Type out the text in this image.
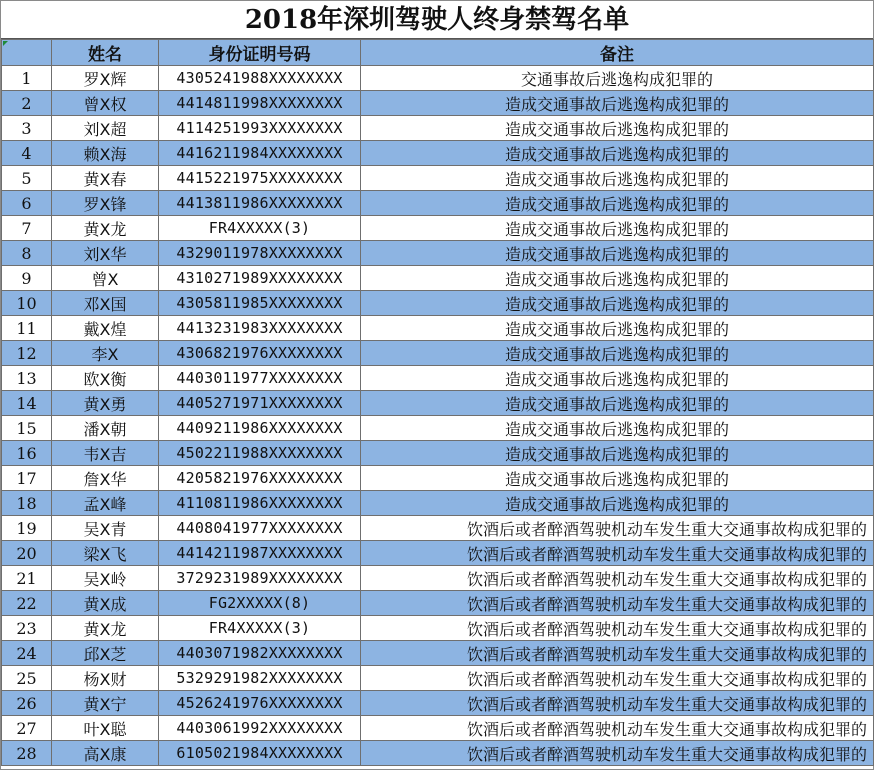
2018年深圳驾驶人终身禁驾名单
	姓名	身份证明号码	备注
1	罗X辉	4305241988XXXXXXXX	交通事故后逃逸构成犯罪的
2	曾X权	4414811998XXXXXXXX	造成交通事故后逃逸构成犯罪的
3	刘X超	4114251993XXXXXXXX	造成交通事故后逃逸构成犯罪的
4	赖X海	4416211984XXXXXXXX	造成交通事故后逃逸构成犯罪的
5	黄X春	4415221975XXXXXXXX	造成交通事故后逃逸构成犯罪的
6	罗X锋	4413811986XXXXXXXX	造成交通事故后逃逸构成犯罪的
7	黄X龙	FR4XXXXX(3)	造成交通事故后逃逸构成犯罪的
8	刘X华	4329011978XXXXXXXX	造成交通事故后逃逸构成犯罪的
9	曾X	4310271989XXXXXXXX	造成交通事故后逃逸构成犯罪的
10	邓X国	4305811985XXXXXXXX	造成交通事故后逃逸构成犯罪的
11	戴X煌	4413231983XXXXXXXX	造成交通事故后逃逸构成犯罪的
12	李X	4306821976XXXXXXXX	造成交通事故后逃逸构成犯罪的
13	欧X衡	4403011977XXXXXXXX	造成交通事故后逃逸构成犯罪的
14	黄X勇	4405271971XXXXXXXX	造成交通事故后逃逸构成犯罪的
15	潘X朝	4409211986XXXXXXXX	造成交通事故后逃逸构成犯罪的
16	韦X吉	4502211988XXXXXXXX	造成交通事故后逃逸构成犯罪的
17	詹X华	4205821976XXXXXXXX	造成交通事故后逃逸构成犯罪的
18	孟X峰	4110811986XXXXXXXX	造成交通事故后逃逸构成犯罪的
19	吴X青	4408041977XXXXXXXX	饮酒后或者醉酒驾驶机动车发生重大交通事故构成犯罪的
20	梁X飞	4414211987XXXXXXXX	饮酒后或者醉酒驾驶机动车发生重大交通事故构成犯罪的
21	吴X岭	3729231989XXXXXXXX	饮酒后或者醉酒驾驶机动车发生重大交通事故构成犯罪的
22	黄X成	FG2XXXXX(8)	饮酒后或者醉酒驾驶机动车发生重大交通事故构成犯罪的
23	黄X龙	FR4XXXXX(3)	饮酒后或者醉酒驾驶机动车发生重大交通事故构成犯罪的
24	邱X芝	4403071982XXXXXXXX	饮酒后或者醉酒驾驶机动车发生重大交通事故构成犯罪的
25	杨X财	5329291982XXXXXXXX	饮酒后或者醉酒驾驶机动车发生重大交通事故构成犯罪的
26	黄X宁	4526241976XXXXXXXX	饮酒后或者醉酒驾驶机动车发生重大交通事故构成犯罪的
27	叶X聪	4403061992XXXXXXXX	饮酒后或者醉酒驾驶机动车发生重大交通事故构成犯罪的
28	高X康	6105021984XXXXXXXX	饮酒后或者醉酒驾驶机动车发生重大交通事故构成犯罪的
